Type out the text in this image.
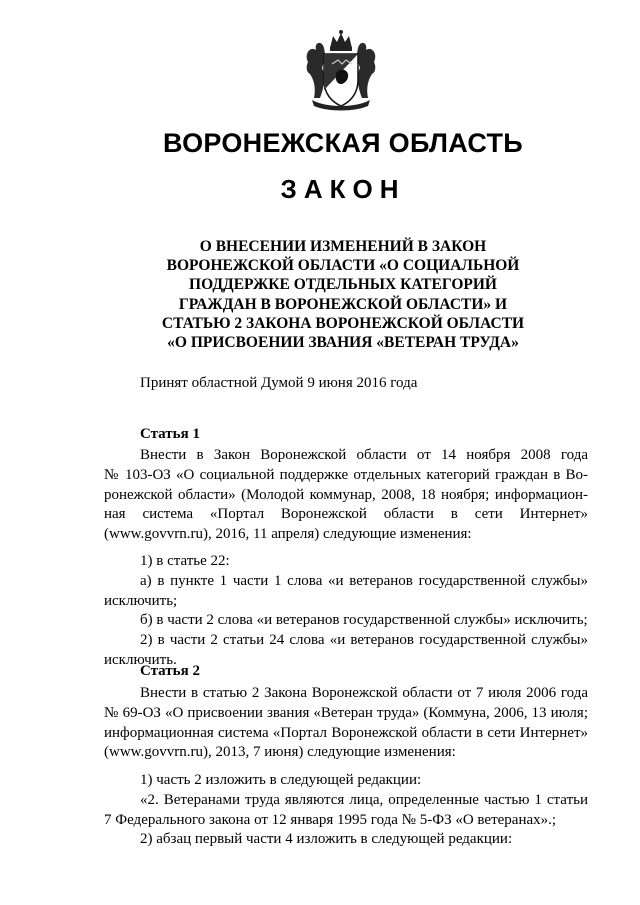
ВОРОНЕЖСКАЯ ОБЛАСТЬ
ЗАКОН
О ВНЕСЕНИИ ИЗМЕНЕНИЙ В ЗАКОН
ВОРОНЕЖСКОЙ ОБЛАСТИ «О СОЦИАЛЬНОЙ
ПОДДЕРЖКЕ ОТДЕЛЬНЫХ КАТЕГОРИЙ
ГРАЖДАН В ВОРОНЕЖСКОЙ ОБЛАСТИ» И
СТАТЬЮ 2 ЗАКОНА ВОРОНЕЖСКОЙ ОБЛАСТИ
«О ПРИСВОЕНИИ ЗВАНИЯ «ВЕТЕРАН ТРУДА»
Принят областной Думой 9 июня 2016 года
Статья 1
Внести в Закон Воронежской области от 14 ноября 2008 года
№ 103-ОЗ «О социальной поддержке отдельных категорий граждан в Во-
ронежской области» (Молодой коммунар, 2008, 18 ноября; информацион-
ная система «Портал Воронежской области в сети Интернет»
(www.govvrn.ru), 2016, 11 апреля) следующие изменения:
1) в статье 22:
а) в пункте 1 части 1 слова «и ветеранов государственной службы»
исключить;
б) в части 2 слова «и ветеранов государственной службы» исключить;
2) в части 2 статьи 24 слова «и ветеранов государственной службы»
исключить.
Статья 2
Внести в статью 2 Закона Воронежской области от 7 июля 2006 года
№ 69-ОЗ «О присвоении звания «Ветеран труда» (Коммуна, 2006, 13 июля;
информационная система «Портал Воронежской области в сети Интернет»
(www.govvrn.ru), 2013, 7 июня) следующие изменения:
1) часть 2 изложить в следующей редакции:
«2. Ветеранами труда являются лица, определенные частью 1 статьи
7 Федерального закона от 12 января 1995 года № 5-ФЗ «О ветеранах».;
2) абзац первый части 4 изложить в следующей редакции:
